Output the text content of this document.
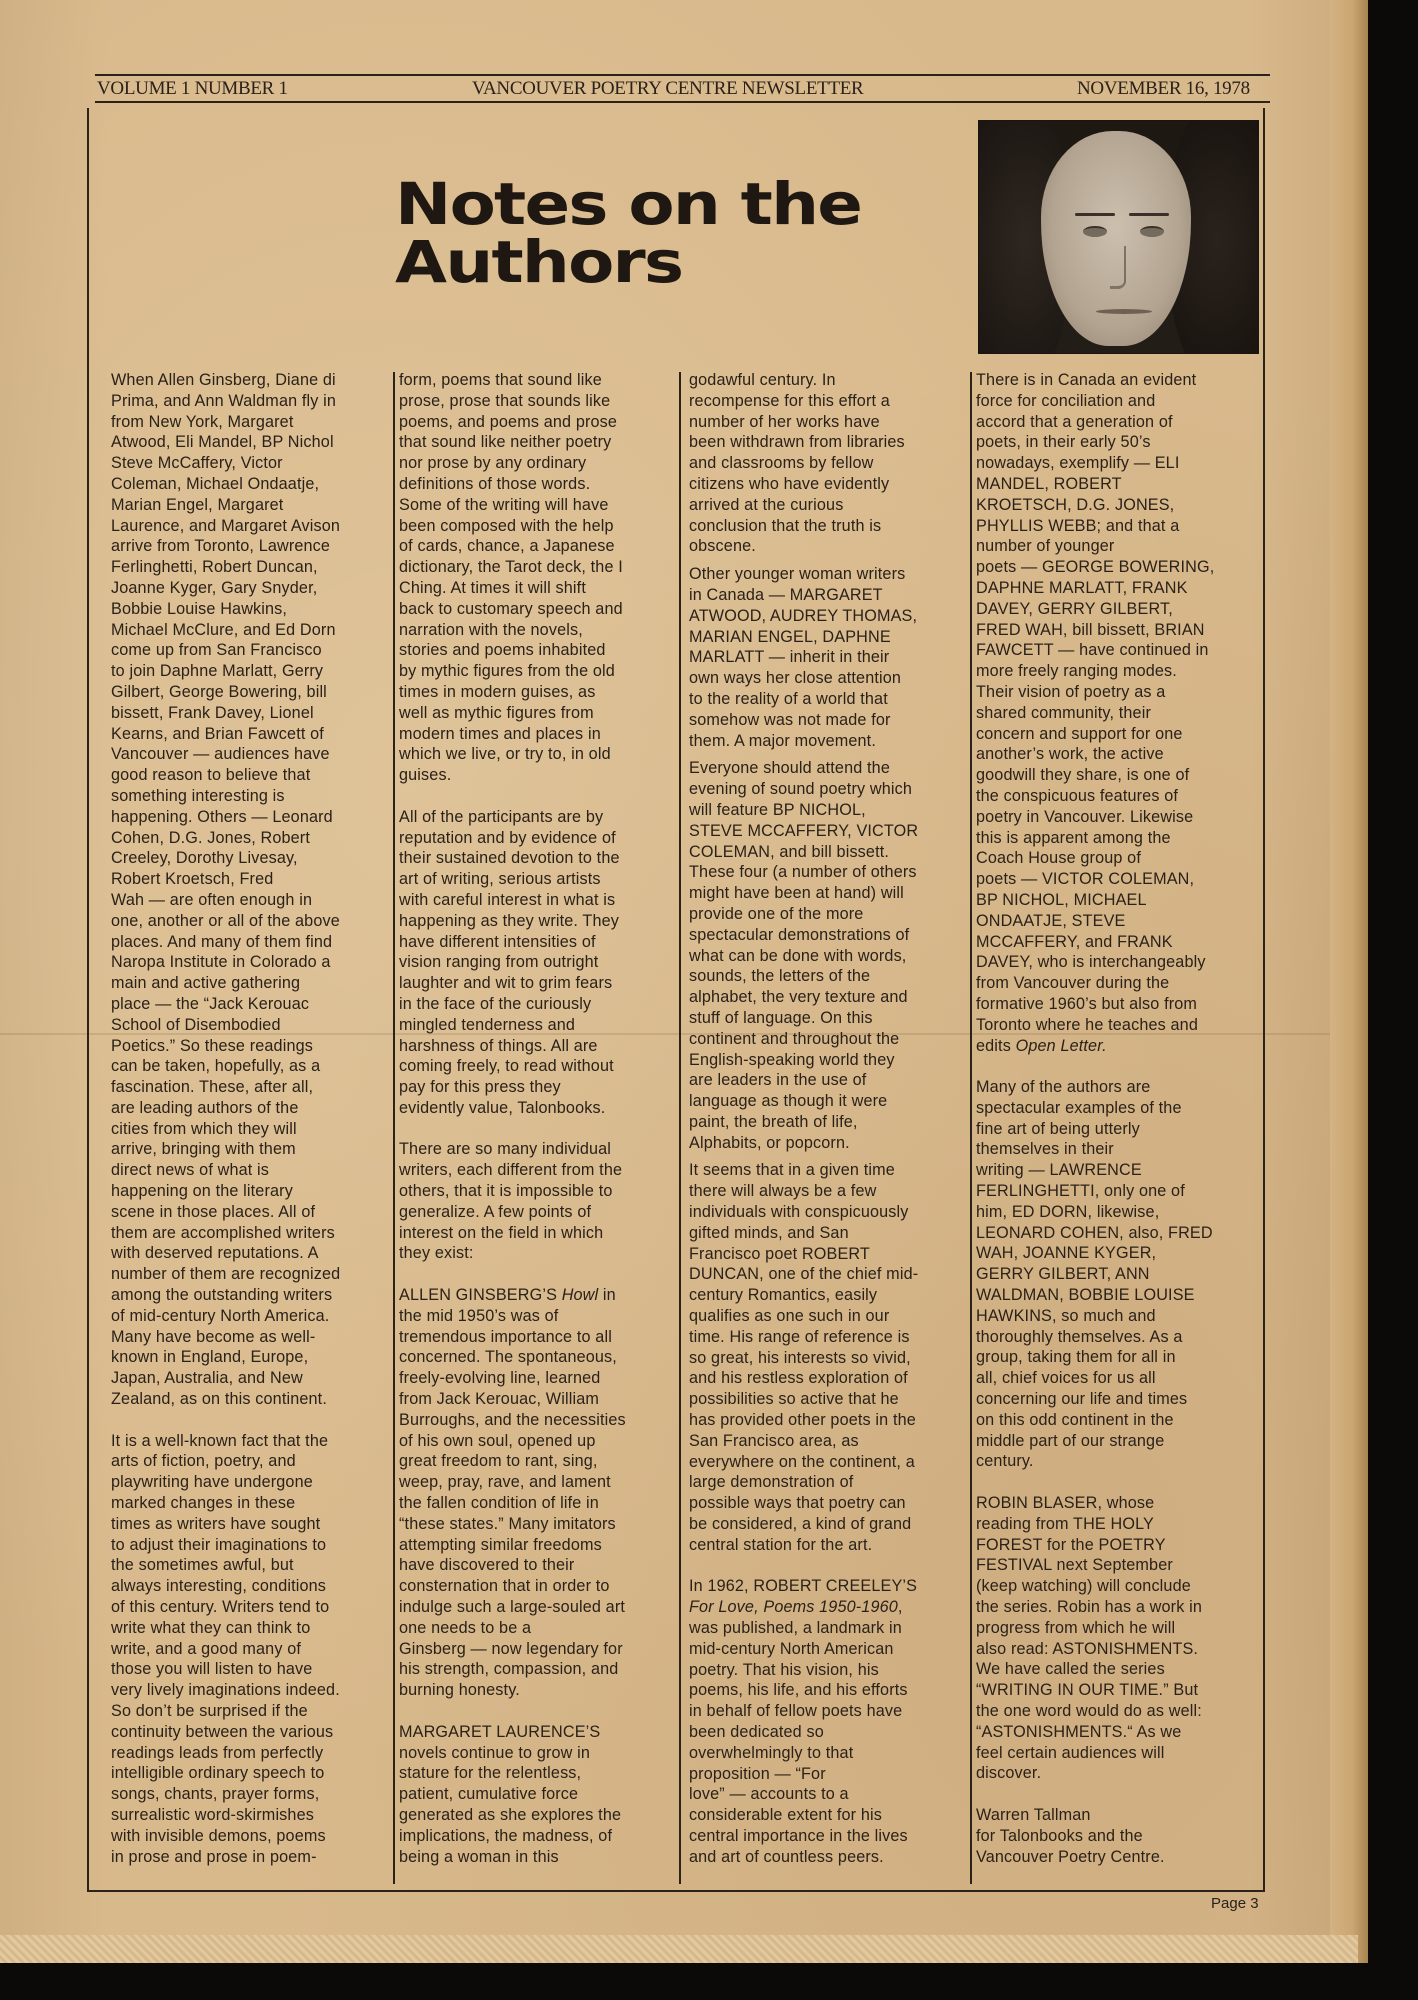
VOLUME 1 NUMBER 1	VANCOUVER POETRY CENTRE NEWSLETTER	NOVEMBER 16, 1978
Notes on the
Authors
When Allen Ginsberg, Diane di
Prima, and Ann Waldman fly in
from New York, Margaret
Atwood, Eli Mandel, BP Nichol
Steve McCaffery, Victor
Coleman, Michael Ondaatje,
Marian Engel, Margaret
Laurence, and Margaret Avison
arrive from Toronto, Lawrence
Ferlinghetti, Robert Duncan,
Joanne Kyger, Gary Snyder,
Bobbie Louise Hawkins,
Michael McClure, and Ed Dorn
come up from San Francisco
to join Daphne Marlatt, Gerry
Gilbert, George Bowering, bill
bissett, Frank Davey, Lionel
Kearns, and Brian Fawcett of
Vancouver — audiences have
good reason to believe that
something interesting is
happening. Others — Leonard
Cohen, D.G. Jones, Robert
Creeley, Dorothy Livesay,
Robert Kroetsch, Fred
Wah — are often enough in
one, another or all of the above
places. And many of them find
Naropa Institute in Colorado a
main and active gathering
place — the “Jack Kerouac
School of Disembodied
Poetics.” So these readings
can be taken, hopefully, as a
fascination. These, after all,
are leading authors of the
cities from which they will
arrive, bringing with them
direct news of what is
happening on the literary
scene in those places. All of
them are accomplished writers
with deserved reputations. A
number of them are recognized
among the outstanding writers
of mid-century North America.
Many have become as well-
known in England, Europe,
Japan, Australia, and New
Zealand, as on this continent.
It is a well-known fact that the
arts of fiction, poetry, and
playwriting have undergone
marked changes in these
times as writers have sought
to adjust their imaginations to
the sometimes awful, but
always interesting, conditions
of this century. Writers tend to
write what they can think to
write, and a good many of
those you will listen to have
very lively imaginations indeed.
So don’t be surprised if the
continuity between the various
readings leads from perfectly
intelligible ordinary speech to
songs, chants, prayer forms,
surrealistic word-skirmishes
with invisible demons, poems
in prose and prose in poem-
form, poems that sound like
prose, prose that sounds like
poems, and poems and prose
that sound like neither poetry
nor prose by any ordinary
definitions of those words.
Some of the writing will have
been composed with the help
of cards, chance, a Japanese
dictionary, the Tarot deck, the I
Ching. At times it will shift
back to customary speech and
narration with the novels,
stories and poems inhabited
by mythic figures from the old
times in modern guises, as
well as mythic figures from
modern times and places in
which we live, or try to, in old
guises.
All of the participants are by
reputation and by evidence of
their sustained devotion to the
art of writing, serious artists
with careful interest in what is
happening as they write. They
have different intensities of
vision ranging from outright
laughter and wit to grim fears
in the face of the curiously
mingled tenderness and
harshness of things. All are
coming freely, to read without
pay for this press they
evidently value, Talonbooks.
There are so many individual
writers, each different from the
others, that it is impossible to
generalize. A few points of
interest on the field in which
they exist:
ALLEN GINSBERG’S Howl in
the mid 1950’s was of
tremendous importance to all
concerned. The spontaneous,
freely-evolving line, learned
from Jack Kerouac, William
Burroughs, and the necessities
of his own soul, opened up
great freedom to rant, sing,
weep, pray, rave, and lament
the fallen condition of life in
“these states.” Many imitators
attempting similar freedoms
have discovered to their
consternation that in order to
indulge such a large-souled art
one needs to be a
Ginsberg — now legendary for
his strength, compassion, and
burning honesty.
MARGARET LAURENCE’S
novels continue to grow in
stature for the relentless,
patient, cumulative force
generated as she explores the
implications, the madness, of
being a woman in this
godawful century. In
recompense for this effort a
number of her works have
been withdrawn from libraries
and classrooms by fellow
citizens who have evidently
arrived at the curious
conclusion that the truth is
obscene.
Other younger woman writers
in Canada — MARGARET
ATWOOD, AUDREY THOMAS,
MARIAN ENGEL, DAPHNE
MARLATT — inherit in their
own ways her close attention
to the reality of a world that
somehow was not made for
them. A major movement.
Everyone should attend the
evening of sound poetry which
will feature BP NICHOL,
STEVE MCCAFFERY, VICTOR
COLEMAN, and bill bissett.
These four (a number of others
might have been at hand) will
provide one of the more
spectacular demonstrations of
what can be done with words,
sounds, the letters of the
alphabet, the very texture and
stuff of language. On this
continent and throughout the
English-speaking world they
are leaders in the use of
language as though it were
paint, the breath of life,
Alphabits, or popcorn.
It seems that in a given time
there will always be a few
individuals with conspicuously
gifted minds, and San
Francisco poet ROBERT
DUNCAN, one of the chief mid-
century Romantics, easily
qualifies as one such in our
time. His range of reference is
so great, his interests so vivid,
and his restless exploration of
possibilities so active that he
has provided other poets in the
San Francisco area, as
everywhere on the continent, a
large demonstration of
possible ways that poetry can
be considered, a kind of grand
central station for the art.
In 1962, ROBERT CREELEY’S
For Love, Poems 1950-1960,
was published, a landmark in
mid-century North American
poetry. That his vision, his
poems, his life, and his efforts
in behalf of fellow poets have
been dedicated so
overwhelmingly to that
proposition — “For
love” — accounts to a
considerable extent for his
central importance in the lives
and art of countless peers.
There is in Canada an evident
force for conciliation and
accord that a generation of
poets, in their early 50’s
nowadays, exemplify — ELI
MANDEL, ROBERT
KROETSCH, D.G. JONES,
PHYLLIS WEBB; and that a
number of younger
poets — GEORGE BOWERING,
DAPHNE MARLATT, FRANK
DAVEY, GERRY GILBERT,
FRED WAH, bill bissett, BRIAN
FAWCETT — have continued in
more freely ranging modes.
Their vision of poetry as a
shared community, their
concern and support for one
another’s work, the active
goodwill they share, is one of
the conspicuous features of
poetry in Vancouver. Likewise
this is apparent among the
Coach House group of
poets — VICTOR COLEMAN,
BP NICHOL, MICHAEL
ONDAATJE, STEVE
MCCAFFERY, and FRANK
DAVEY, who is interchangeably
from Vancouver during the
formative 1960’s but also from
Toronto where he teaches and
edits Open Letter.
Many of the authors are
spectacular examples of the
fine art of being utterly
themselves in their
writing — LAWRENCE
FERLINGHETTI, only one of
him, ED DORN, likewise,
LEONARD COHEN, also, FRED
WAH, JOANNE KYGER,
GERRY GILBERT, ANN
WALDMAN, BOBBIE LOUISE
HAWKINS, so much and
thoroughly themselves. As a
group, taking them for all in
all, chief voices for us all
concerning our life and times
on this odd continent in the
middle part of our strange
century.
ROBIN BLASER, whose
reading from THE HOLY
FOREST for the POETRY
FESTIVAL next September
(keep watching) will conclude
the series. Robin has a work in
progress from which he will
also read: ASTONISHMENTS.
We have called the series
“WRITING IN OUR TIME.” But
the one word would do as well:
“ASTONISHMENTS.“ As we
feel certain audiences will
discover.
Warren Tallman
for Talonbooks and the
Vancouver Poetry Centre.
Page 3
